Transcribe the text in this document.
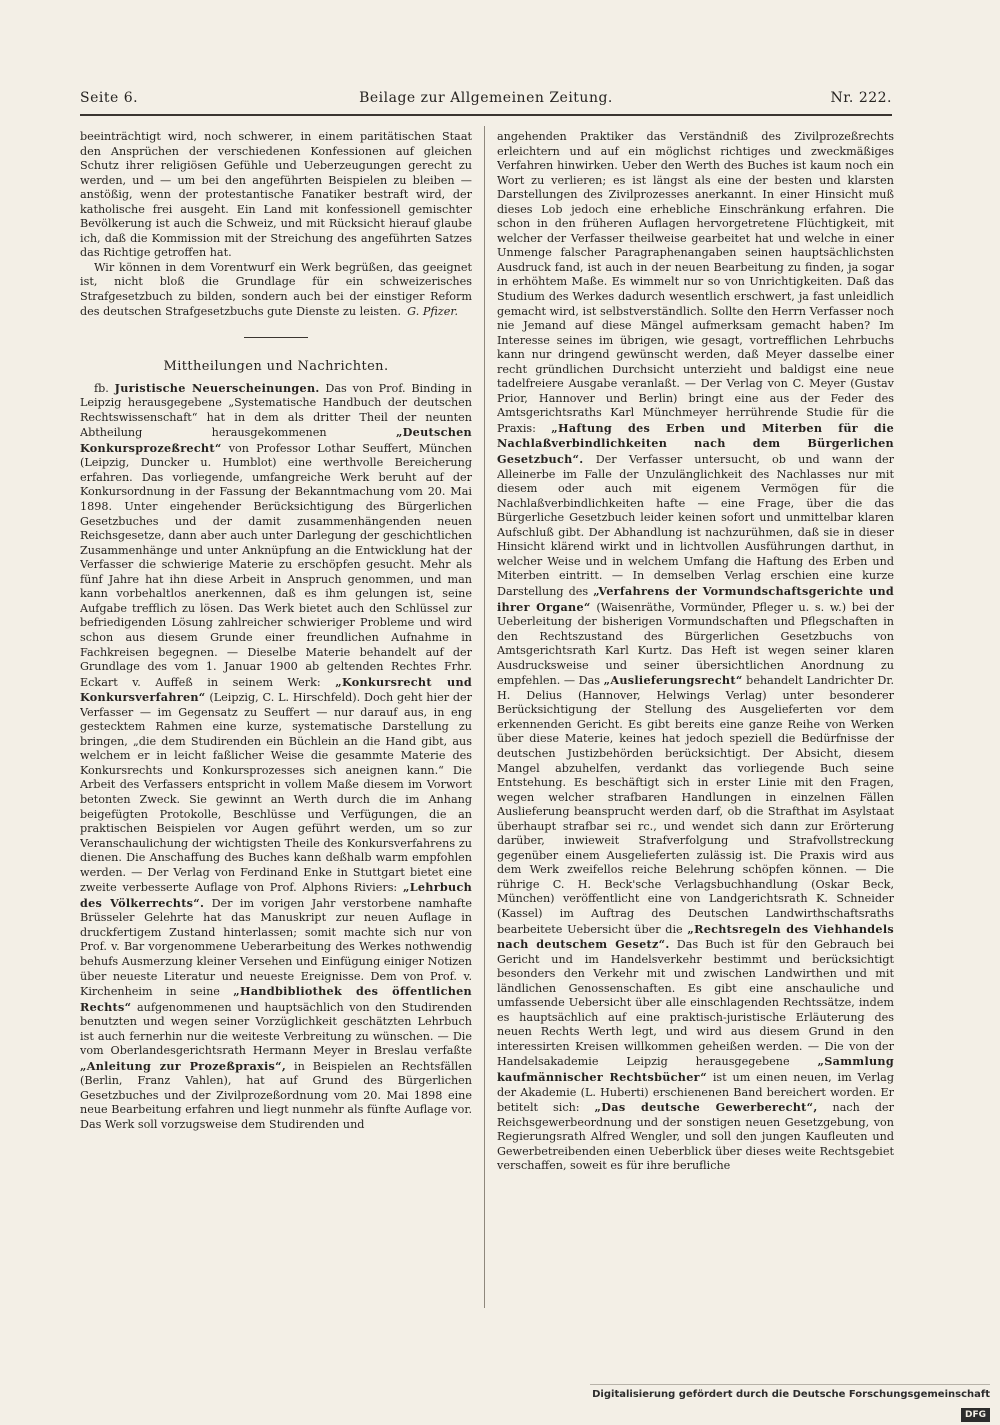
Seite 6.	Beilage zur Allgemeinen Zeitung.	Nr. 222.

beeinträchtigt wird, noch schwerer, in einem paritätischen Staat den Ansprüchen der verschiedenen Konfessionen auf gleichen Schutz ihrer religiösen Gefühle und Ueberzeugungen gerecht zu werden, und — um bei den angeführten Beispielen zu bleiben — anstößig, wenn der protestantische Fanatiker bestraft wird, der katholische frei ausgeht. Ein Land mit konfessionell gemischter Bevölkerung ist auch die Schweiz, und mit Rücksicht hierauf glaube ich, daß die Kommission mit der Streichung des angeführten Satzes das Richtige getroffen hat.

Wir können in dem Vorentwurf ein Werk begrüßen, das geeignet ist, nicht bloß die Grundlage für ein schweizerisches Strafgesetzbuch zu bilden, sondern auch bei der einstiger Reform des deutschen Strafgesetzbuchs gute Dienste zu leisten. G. Pfizer.
Mittheilungen und Nachrichten.

fb. Juristische Neuerscheinungen. Das von Prof. Binding in Leipzig herausgegebene „Systematische Handbuch der deutschen Rechtswissenschaft“ hat in dem als dritter Theil der neunten Abtheilung herausgekommenen	„Deutschen Konkursprozeßrecht“ von Professor Lothar Seuffert, München (Leipzig, Duncker u. Humblot) eine werthvolle Bereicherung erfahren. Das vorliegende, umfangreiche Werk beruht auf der Konkursordnung in der Fassung der Bekanntmachung vom 20. Mai 1898. Unter eingehender Berücksichtigung des Bürgerlichen Gesetzbuches und der damit zusammenhängenden neuen Reichsgesetze, dann aber auch unter Darlegung der geschichtlichen Zusammenhänge und unter Anknüpfung an die Entwicklung hat der Verfasser die schwierige Materie zu erschöpfen gesucht. Mehr als fünf Jahre hat ihn diese Arbeit in Anspruch genommen, und man kann vorbehaltlos anerkennen, daß es ihm gelungen ist, seine Aufgabe trefflich zu lösen. Das Werk bietet auch den Schlüssel zur befriedigenden Lösung zahlreicher schwieriger Probleme und wird schon aus diesem Grunde einer freundlichen Aufnahme in Fachkreisen begegnen. — Dieselbe Materie behandelt auf der Grundlage des vom 1. Januar 1900 ab geltenden Rechtes Frhr. Eckart v. Auffeß in seinem Werk: „Konkursrecht und Konkursverfahren“ (Leipzig, C. L. Hirschfeld). Doch geht hier der Verfasser — im Gegensatz zu Seuffert — nur darauf aus, in eng gestecktem Rahmen eine kurze, systematische Darstellung zu bringen, „die dem Studirenden ein Büchlein an die Hand gibt, aus welchem er in leicht faßlicher Weise die gesammte Materie des Konkursrechts und Konkursprozesses sich aneignen kann.“ Die Arbeit des Verfassers entspricht in vollem Maße diesem im Vorwort betonten Zweck. Sie gewinnt an Werth durch die im Anhang beigefügten Protokolle, Beschlüsse und Verfügungen, die an praktischen Beispielen vor Augen geführt werden, um so zur Veranschaulichung der wichtigsten Theile des Konkursverfahrens zu dienen. Die Anschaffung des Buches kann deßhalb warm empfohlen werden. — Der Verlag von Ferdinand Enke in Stuttgart bietet eine zweite verbesserte Auflage von Prof. Alphons Riviers: „Lehrbuch des Völkerrechts“. Der im vorigen Jahr verstorbene namhafte Brüsseler Gelehrte hat das Manuskript zur neuen Auflage in druckfertigem Zustand hinterlassen; somit machte sich nur von Prof. v. Bar vorgenommene Ueberarbeitung des Werkes nothwendig behufs Ausmerzung kleiner Versehen und Einfügung einiger Notizen über neueste Literatur und neueste Ereignisse. Dem von Prof. v. Kirchenheim in seine „Handbibliothek des öffentlichen Rechts“ aufgenommenen und hauptsächlich von den Studirenden benutzten und wegen seiner Vorzüglichkeit geschätzten Lehrbuch ist auch fernerhin nur die weiteste Verbreitung zu wünschen. — Die vom Oberlandesgerichtsrath Hermann Meyer in Breslau verfaßte „Anleitung zur Prozeßpraxis“, in Beispielen an Rechtsfällen (Berlin, Franz Vahlen), hat auf Grund des Bürgerlichen Gesetzbuches und der Zivilprozeßordnung vom 20. Mai 1898 eine neue Bearbeitung erfahren und liegt nunmehr als fünfte Auflage vor. Das Werk soll vorzugsweise dem Studirenden und

angehenden Praktiker das Verständniß des Zivilprozeßrechts erleichtern und auf ein möglichst richtiges und zweckmäßiges Verfahren hinwirken. Ueber den Werth des Buches ist kaum noch ein Wort zu verlieren; es ist längst als eine der besten und klarsten Darstellungen des Zivilprozesses anerkannt. In einer Hinsicht muß dieses Lob jedoch eine erhebliche Einschränkung erfahren. Die schon in den früheren Auflagen hervorgetretene Flüchtigkeit, mit welcher der Verfasser theilweise gearbeitet hat und welche in einer Unmenge falscher Paragraphenangaben seinen hauptsächlichsten Ausdruck fand, ist auch in der neuen Bearbeitung zu finden, ja sogar in erhöhtem Maße. Es wimmelt nur so von Unrichtigkeiten. Daß das Studium des Werkes dadurch wesentlich erschwert, ja fast unleidlich gemacht wird, ist selbstverständlich. Sollte den Herrn Verfasser noch nie Jemand auf diese Mängel aufmerksam gemacht haben? Im Interesse seines im übrigen, wie gesagt, vortrefflichen Lehrbuchs kann nur dringend gewünscht werden, daß Meyer dasselbe einer recht gründlichen Durchsicht unterzieht und baldigst eine neue tadelfreiere Ausgabe veranlaßt. — Der Verlag von C. Meyer (Gustav Prior, Hannover und Berlin) bringt eine aus der Feder des Amtsgerichtsraths Karl Münchmeyer herrührende Studie für die Praxis: „Haftung des Erben und Miterben für die Nachlaßverbindlichkeiten nach dem Bürgerlichen Gesetzbuch“. Der Verfasser untersucht, ob und wann der Alleinerbe im Falle der Unzulänglichkeit des Nachlasses nur mit diesem oder auch mit eigenem Vermögen für die Nachlaßverbindlichkeiten hafte — eine Frage, über die das Bürgerliche Gesetzbuch leider keinen sofort und unmittelbar klaren Aufschluß gibt. Der Abhandlung ist nachzurühmen, daß sie in dieser Hinsicht klärend wirkt und in lichtvollen Ausführungen darthut, in welcher Weise und in welchem Umfang die Haftung des Erben und Miterben eintritt. — In demselben Verlag erschien eine kurze Darstellung des „Verfahrens der Vormundschaftsgerichte und ihrer Organe“ (Waisenräthe, Vormünder, Pfleger u. s. w.) bei der Ueberleitung der bisherigen Vormundschaften und Pflegschaften in den Rechtszustand des Bürgerlichen Gesetzbuchs von Amtsgerichtsrath Karl Kurtz. Das Heft ist wegen seiner klaren Ausdrucksweise und seiner übersichtlichen Anordnung zu empfehlen. — Das „Auslieferungsrecht“ behandelt Landrichter Dr. H. Delius (Hannover, Helwings Verlag) unter besonderer Berücksichtigung der Stellung des Ausgelieferten vor dem erkennenden Gericht. Es gibt bereits eine ganze Reihe von Werken über diese Materie, keines hat jedoch speziell die Bedürfnisse der deutschen Justizbehörden berücksichtigt. Der Absicht, diesem Mangel abzuhelfen, verdankt das vorliegende Buch seine Entstehung. Es beschäftigt sich in erster Linie mit den Fragen, wegen welcher strafbaren Handlungen in einzelnen Fällen Auslieferung beansprucht werden darf, ob die Strafthat im Asylstaat überhaupt strafbar sei rc., und wendet sich dann zur Erörterung darüber, inwieweit Strafverfolgung und Strafvollstreckung gegenüber einem Ausgelieferten zulässig ist. Die Praxis wird aus dem Werk zweifellos reiche Belehrung schöpfen können. — Die rührige C. H. Beck'sche Verlagsbuchhandlung (Oskar Beck, München) veröffentlicht eine von Landgerichtsrath K. Schneider (Kassel) im Auftrag des Deutschen Landwirthschaftsraths bearbeitete Uebersicht über die „Rechtsregeln des Viehhandels nach deutschem Gesetz“. Das Buch ist für den Gebrauch bei Gericht und im Handelsverkehr bestimmt und berücksichtigt besonders den Verkehr mit und zwischen Landwirthen und mit ländlichen Genossenschaften. Es gibt eine anschauliche und umfassende Uebersicht über alle einschlagenden Rechtssätze, indem es hauptsächlich auf eine praktisch-juristische Erläuterung des neuen Rechts Werth legt, und wird aus diesem Grund in den interessirten Kreisen willkommen geheißen werden. — Die von der Handelsakademie Leipzig herausgegebene „Sammlung kaufmännischer Rechtsbücher“ ist um einen neuen, im Verlag der Akademie (L. Huberti) erschienenen Band bereichert worden. Er betitelt sich: „Das deutsche Gewerberecht“, nach der Reichsgewerbeordnung und der sonstigen neuen Gesetzgebung, von Regierungsrath Alfred Wengler, und soll den jungen Kaufleuten und Gewerbetreibenden einen Ueberblick über dieses weite Rechtsgebiet verschaffen, soweit es für ihre berufliche

Digitalisierung gefördert durch die Deutsche ForschungsgemeinschaftDFG
